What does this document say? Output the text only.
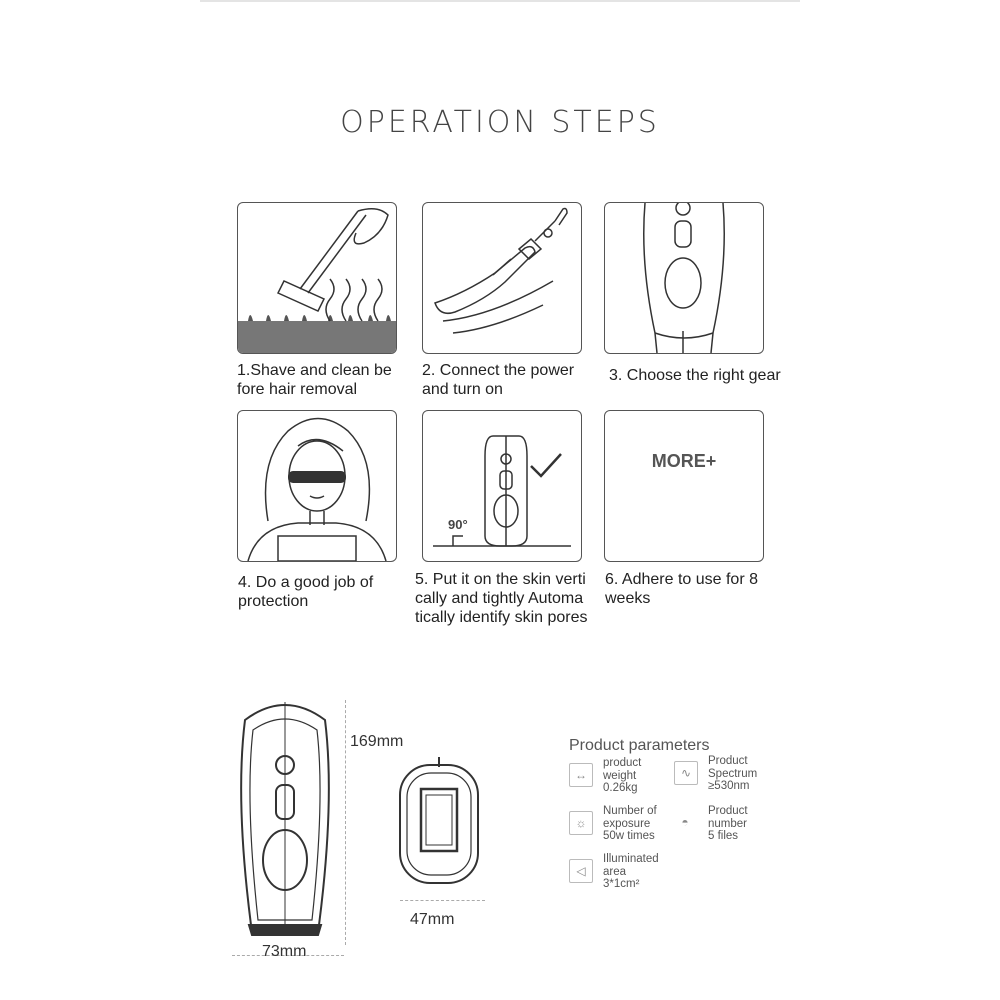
OPERATION STEPS
1.Shave and clean be
fore hair removal
2. Connect the power
and turn on
3. Choose the right gear
4. Do a good job of
protection
90°
5. Put it on the skin verti
cally and tightly Automa
tically identify skin pores
MORE+
6. Adhere to use for 8
weeks
169mm
73mm
47mm
Product parameters
↔
product
weight
0.26kg
∿
Product
Spectrum
≥530nm
☼
Number of
exposure
50w times
◓
Product
number
5 files
◁
Illuminated
area
3*1cm²
